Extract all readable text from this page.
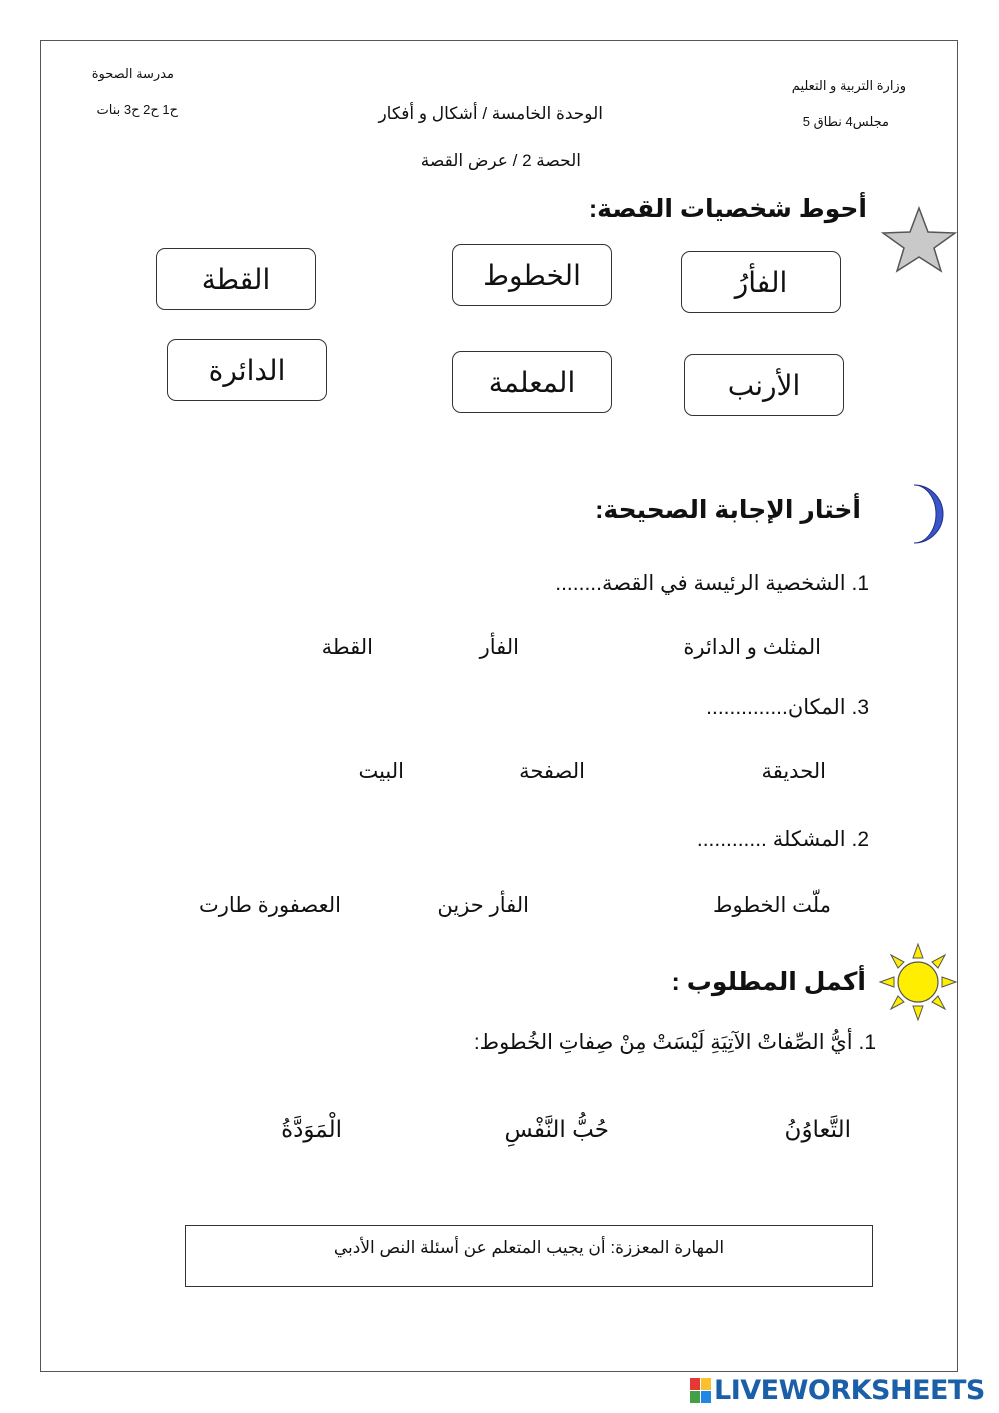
مدرسة الصحوة
ح1 ح2 ح3 بنات
وزارة التربية و التعليم
مجلس4 نطاق 5
الوحدة الخامسة / أشكال و أفكار
الحصة 2 / عرض القصة
أحوط شخصيات القصة:
الفأرُ
الخطوط
القطة
الأرنب
المعلمة
الدائرة
أختار الإجابة الصحيحة:
1. الشخصية الرئيسة في القصة........
المثلث و الدائرة
الفأر
القطة
3. المكان..............
الحديقة
الصفحة
البيت
2. المشكلة ............
ملّت الخطوط
الفأر حزين
العصفورة طارت
أكمل المطلوب :
1. أيُّ الصِّفاتْ الآتِيَةِ لَيْسَتْ مِنْ صِفاتِ الخُطوط:
التَّعاوُنُ
حُبُّ النَّفْسِ
الْمَوَدَّةُ
المهارة المعززة: أن يجيب المتعلم عن أسئلة النص الأدبي
LIVEWORKSHEETS
